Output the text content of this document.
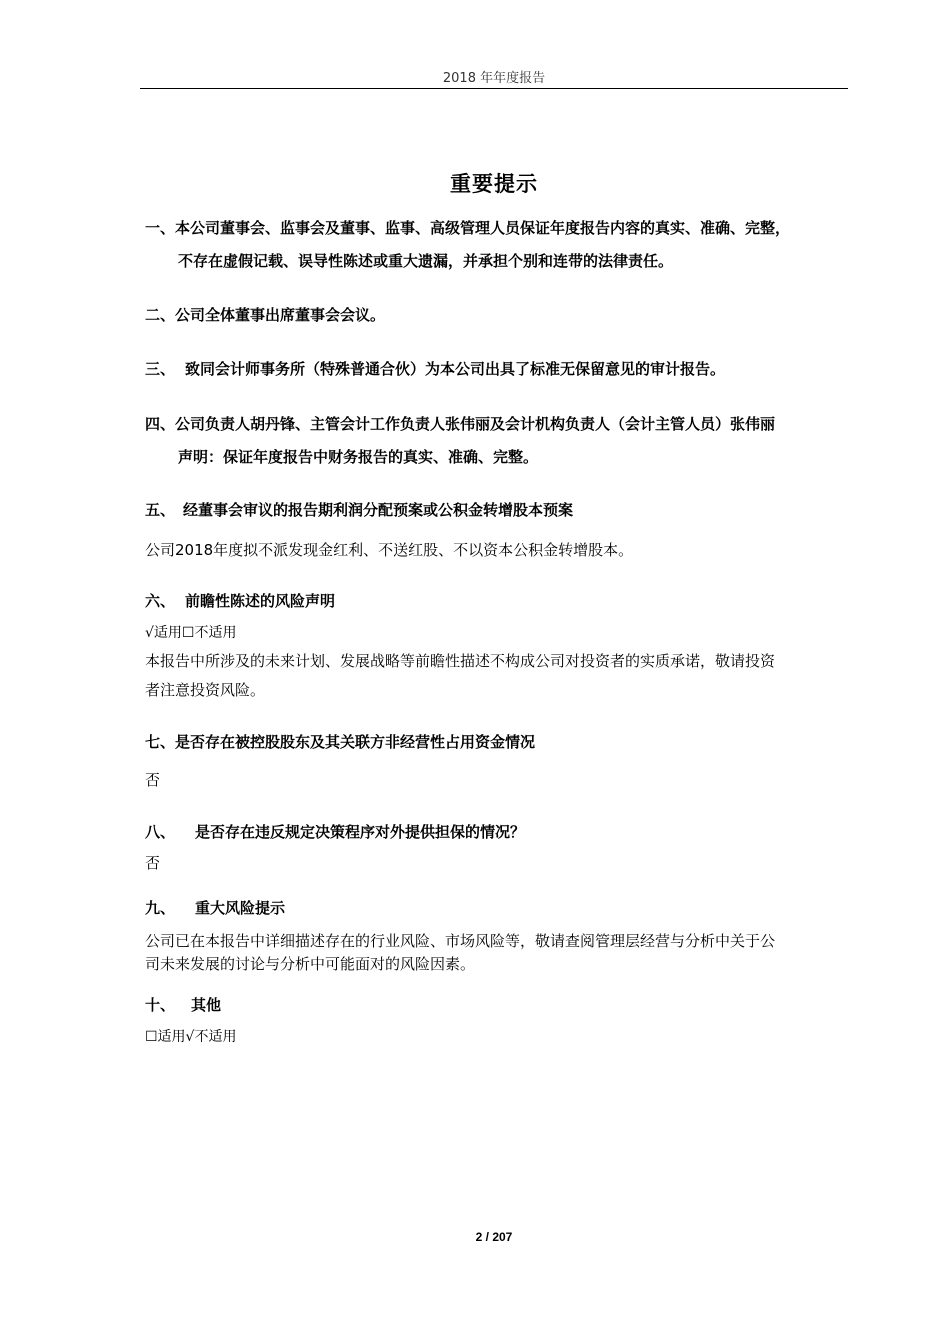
2018 年年度报告
重要提示
一、本公司董事会、监事会及董事、监事、高级管理人员保证年度报告内容的真实、准确、完整，
不存在虚假记载、误导性陈述或重大遗漏，并承担个别和连带的法律责任。
二、公司全体董事出席董事会会议。
三、 致同会计师事务所（特殊普通合伙）为本公司出具了标准无保留意见的审计报告。
四、公司负责人胡丹锋、主管会计工作负责人张伟丽及会计机构负责人（会计主管人员）张伟丽
声明：保证年度报告中财务报告的真实、准确、完整。
五、 经董事会审议的报告期利润分配预案或公积金转增股本预案
公司2018年度拟不派发现金红利、不送红股、不以资本公积金转增股本。
六、 前瞻性陈述的风险声明
√适用☐不适用
本报告中所涉及的未来计划、发展战略等前瞻性描述不构成公司对投资者的实质承诺，敬请投资
者注意投资风险。
七、是否存在被控股股东及其关联方非经营性占用资金情况
否
八、 是否存在违反规定决策程序对外提供担保的情况？
否
九、 重大风险提示
公司已在本报告中详细描述存在的行业风险、市场风险等，敬请查阅管理层经营与分析中关于公
司未来发展的讨论与分析中可能面对的风险因素。
十、 其他
☐适用√不适用
2 / 207
